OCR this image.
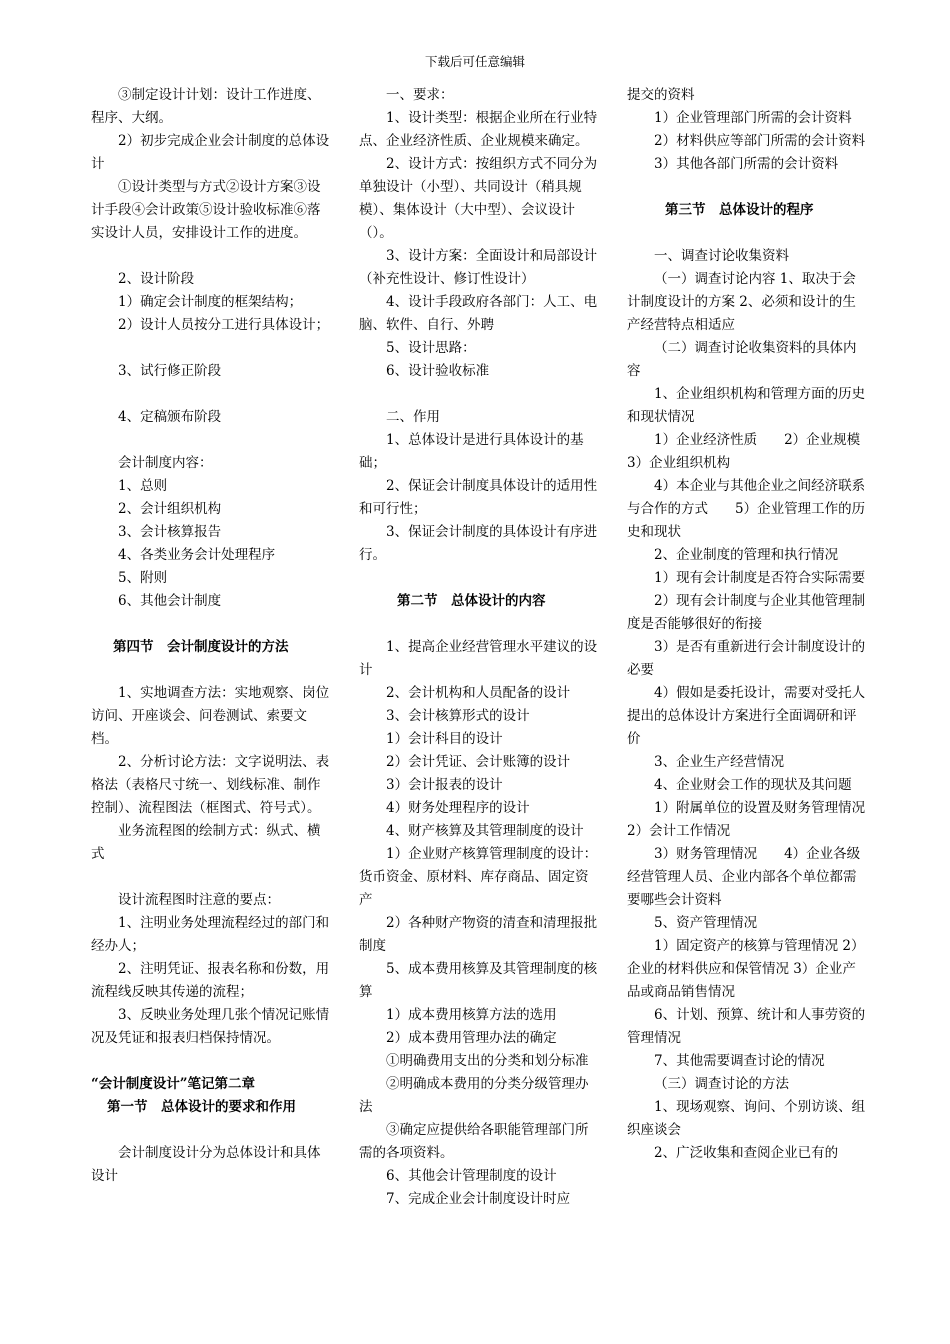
下载后可任意编辑

③制定设计计划：设计工作进度、程序、大纲。

2）初步完成企业会计制度的总体设计

①设计类型与方式②设计方案③设计手段④会计政策⑤设计验收标准⑥落实设计人员，安排设计工作的进度。

2、设计阶段

1）确定会计制度的框架结构；

2）设计人员按分工进行具体设计；

3、试行修正阶段

4、定稿颁布阶段

会计制度内容：

1、总则

2、会计组织机构

3、会计核算报告

4、各类业务会计处理程序

5、附则

6、其他会计制度

第四节　会计制度设计的方法

1、实地调查方法：实地观察、岗位访问、开座谈会、问卷测试、索要文档。

2、分析讨论方法：文字说明法、表格法（表格尺寸统一、划线标准、制作控制）、流程图法（框图式、符号式）。

业务流程图的绘制方式：纵式、横式

设计流程图时注意的要点：

1、注明业务处理流程经过的部门和经办人；

2、注明凭证、报表名称和份数，用流程线反映其传递的流程；

3、反映业务处理几张个情况记账情况及凭证和报表归档保持情况。

“会计制度设计”笔记第二章

第一节　总体设计的要求和作用

会计制度设计分为总体设计和具体设计

一、要求：

1、设计类型：根据企业所在行业特点、企业经济性质、企业规模来确定。

2、设计方式：按组织方式不同分为单独设计（小型）、共同设计（稍具规模）、集体设计（大中型）、会议设计（）。

3、设计方案：全面设计和局部设计（补充性设计、修订性设计）

4、设计手段政府各部门：人工、电脑、软件、自行、外聘

5、设计思路：

6、设计验收标准

二、作用

1、总体设计是进行具体设计的基础；

2、保证会计制度具体设计的适用性和可行性；

3、保证会计制度的具体设计有序进行。

第二节　总体设计的内容

1、提高企业经营管理水平建议的设计

2、会计机构和人员配备的设计

3、会计核算形式的设计

1）会计科目的设计

2）会计凭证、会计账簿的设计

3）会计报表的设计

4）财务处理程序的设计

4、财产核算及其管理制度的设计

1）企业财产核算管理制度的设计：货币资金、原材料、库存商品、固定资产

2）各种财产物资的清查和清理报批制度

5、成本费用核算及其管理制度的核算

1）成本费用核算方法的选用

2）成本费用管理办法的确定

①明确费用支出的分类和划分标准

②明确成本费用的分类分级管理办法

③确定应提供给各职能管理部门所需的各项资料。

6、其他会计管理制度的设计

7、完成企业会计制度设计时应

提交的资料

1）企业管理部门所需的会计资料

2）材料供应等部门所需的会计资料

3）其他各部门所需的会计资料

第三节　总体设计的程序

一、调查讨论收集资料

（一）调查讨论内容 1、取决于会计制度设计的方案 2、必须和设计的生产经营特点相适应

（二）调查讨论收集资料的具体内容

1、企业组织机构和管理方面的历史和现状情况

1）企业经济性质　　2）企业规模　　3）企业组织机构

4）本企业与其他企业之间经济联系与合作的方式　　5）企业管理工作的历史和现状

2、企业制度的管理和执行情况

1）现有会计制度是否符合实际需要

2）现有会计制度与企业其他管理制度是否能够很好的衔接

3）是否有重新进行会计制度设计的必要

4）假如是委托设计，需要对受托人提出的总体设计方案进行全面调研和评价

3、企业生产经营情况

4、企业财会工作的现状及其问题

1）附属单位的设置及财务管理情况　　2）会计工作情况

3）财务管理情况　　4）企业各级经营管理人员、企业内部各个单位都需要哪些会计资料

5、资产管理情况

1）固定资产的核算与管理情况 2）企业的材料供应和保管情况 3）企业产品或商品销售情况

6、计划、预算、统计和人事劳资的管理情况

7、其他需要调查讨论的情况

（三）调查讨论的方法

1、现场观察、询问、个别访谈、组织座谈会

2、广泛收集和查阅企业已有的
